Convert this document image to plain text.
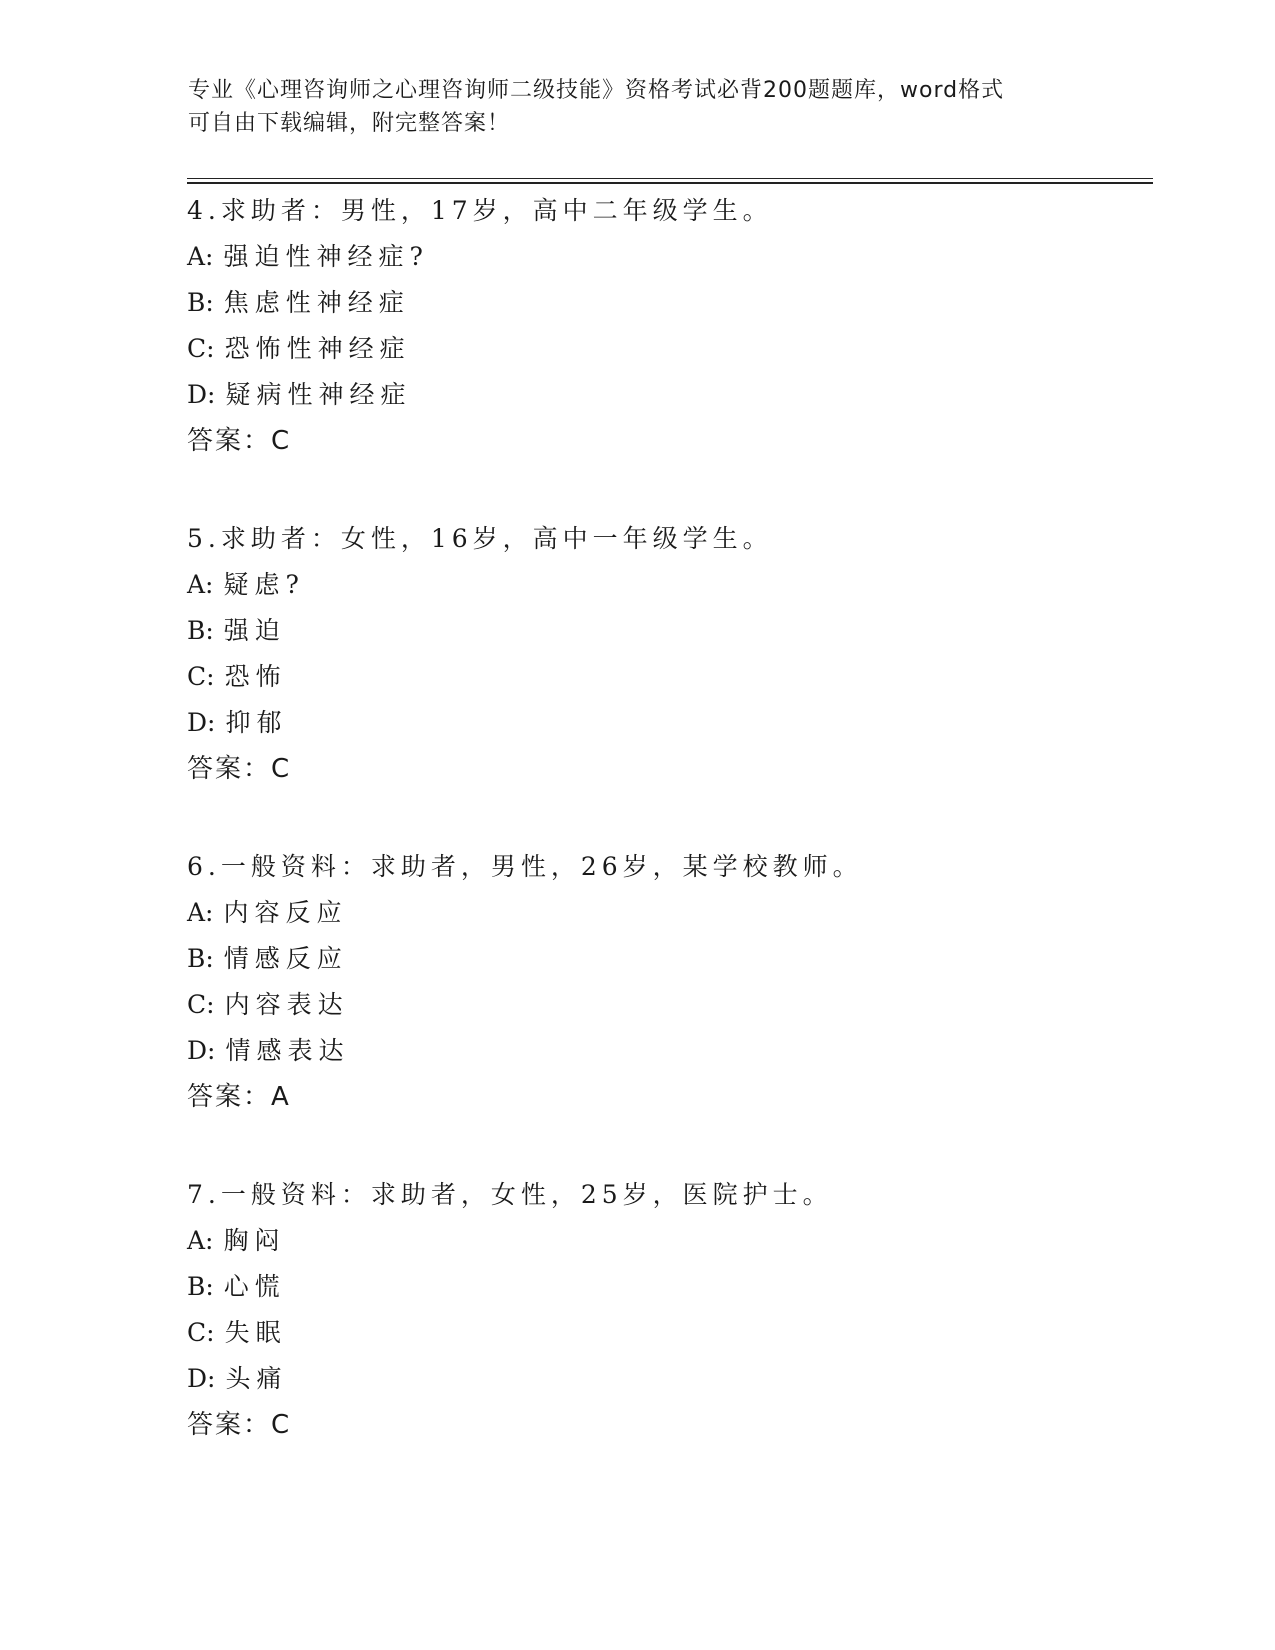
专业《心理咨询师之心理咨询师二级技能》资格考试必背200题题库，word格式
可自由下载编辑，附完整答案！
4.求助者：男性，17岁，高中二年级学生。
A: 强迫性神经症?
B: 焦虑性神经症
C: 恐怖性神经症
D: 疑病性神经症
答案：C
5.求助者：女性，16岁，高中一年级学生。
A: 疑虑?
B: 强迫
C: 恐怖
D: 抑郁
答案：C
6.一般资料：求助者，男性，26岁，某学校教师。
A: 内容反应
B: 情感反应
C: 内容表达
D: 情感表达
答案：A
7.一般资料：求助者，女性，25岁，医院护士。
A: 胸闷
B: 心慌
C: 失眠
D: 头痛
答案：C
